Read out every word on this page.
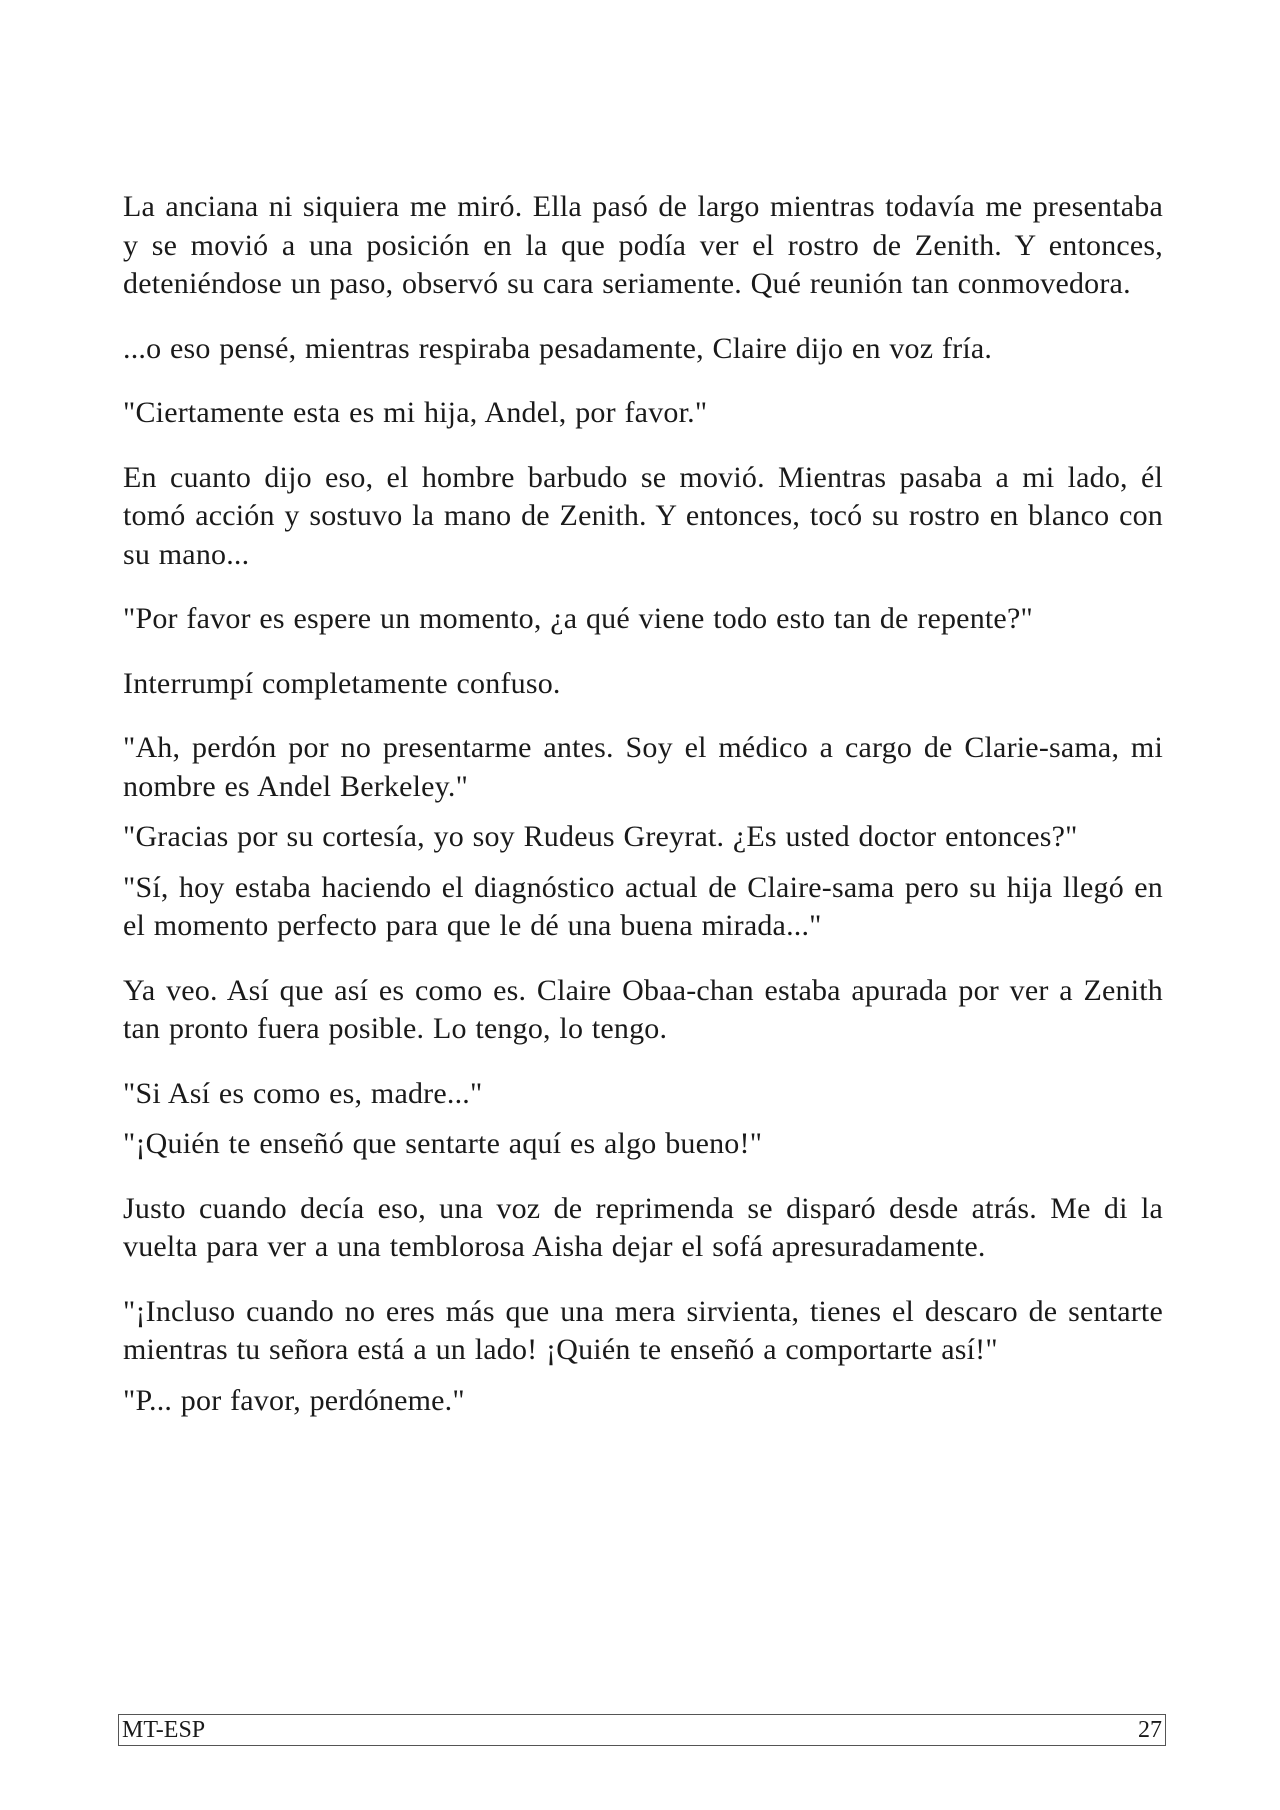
La anciana ni siquiera me miró. Ella pasó de largo mientras todavía me presentaba y se movió a una posición en la que podía ver el rostro de Zenith. Y entonces, deteniéndose un paso, observó su cara seriamente. Qué reunión tan conmovedora.

...o eso pensé, mientras respiraba pesadamente, Claire dijo en voz fría.

"Ciertamente esta es mi hija, Andel, por favor."

En cuanto dijo eso, el hombre barbudo se movió. Mientras pasaba a mi lado, él tomó acción y sostuvo la mano de Zenith. Y entonces, tocó su rostro en blanco con su mano...

"Por favor es espere un momento, ¿a qué viene todo esto tan de repente?"

Interrumpí completamente confuso.

"Ah, perdón por no presentarme antes. Soy el médico a cargo de Clarie-sama, mi nombre es Andel Berkeley."

"Gracias por su cortesía, yo soy Rudeus Greyrat. ¿Es usted doctor entonces?"

"Sí, hoy estaba haciendo el diagnóstico actual de Claire-sama pero su hija llegó en el momento perfecto para que le dé una buena mirada..."

Ya veo. Así que así es como es. Claire Obaa-chan estaba apurada por ver a Zenith tan pronto fuera posible. Lo tengo, lo tengo.

"Si Así es como es, madre..."

"¡Quién te enseñó que sentarte aquí es algo bueno!"

Justo cuando decía eso, una voz de reprimenda se disparó desde atrás. Me di la vuelta para ver a una temblorosa Aisha dejar el sofá apresuradamente.

"¡Incluso cuando no eres más que una mera sirvienta, tienes el descaro de sentarte mientras tu señora está a un lado! ¡Quién te enseñó a comportarte así!"

"P... por favor, perdóneme."

MT-ESP	27
